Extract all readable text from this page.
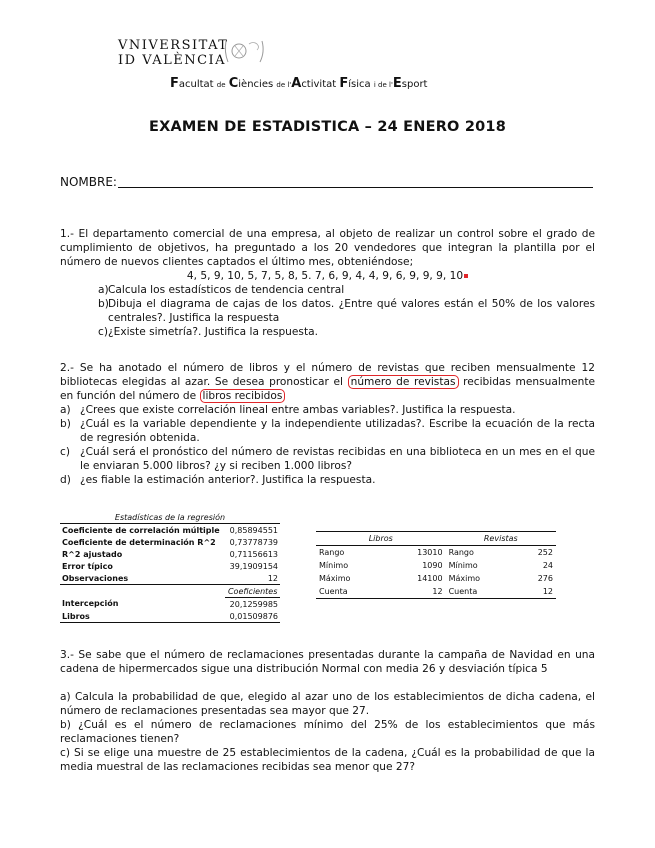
VNIVERSITAT
ID VALÈNCIA
Facultat de Ciències de l'Activitat Física i de l'Esport
EXAMEN DE ESTADISTICA – 24 ENERO 2018
NOMBRE:
1.- El departamento comercial de una empresa, al objeto de realizar un control sobre el grado de cumplimiento de objetivos, ha preguntado a los 20 vendedores que integran la plantilla por el número de nuevos clientes captados el último mes, obteniéndose;
4, 5, 9, 10, 5, 7, 5, 8, 5. 7, 6, 9, 4, 4, 9, 6, 9, 9, 9, 10
a) Calcula los estadísticos de tendencia central
b) Dibuja el diagrama de cajas de los datos. ¿Entre qué valores están el 50% de los valores centrales?. Justifica la respuesta
c) ¿Existe simetría?. Justifica la respuesta.
2.- Se ha anotado el número de libros y el número de revistas que reciben mensualmente 12 bibliotecas elegidas al azar. Se desea pronosticar el número de revistas recibidas mensualmente en función del número de libros recibidos
a) ¿Crees que existe correlación lineal entre ambas variables?. Justifica la respuesta.
b) ¿Cuál es la variable dependiente y la independiente utilizadas?. Escribe la ecuación de la recta de regresión obtenida.
c) ¿Cuál será el pronóstico del número de revistas recibidas en una biblioteca en un mes en el que le enviaran 5.000 libros? ¿y si reciben 1.000 libros?
d) ¿es fiable la estimación anterior?. Justifica la respuesta.
Estadísticas de la regresión	
Coeficiente de correlación múltiple	0,85894551
Coeficiente de determinación R^2	0,73778739
R^2 ajustado	0,71156613
Error típico	39,1909154
Observaciones	12
	Coeficientes
Intercepción	20,1259985
Libros	0,01509876
Libros		Revistas	
Rango	13010	Rango	252
Mínimo	1090	Mínimo	24
Máximo	14100	Máximo	276
Cuenta	12	Cuenta	12
3.- Se sabe que el número de reclamaciones presentadas durante la campaña de Navidad en una cadena de hipermercados sigue una distribución Normal con media 26 y desviación típica 5
a) Calcula la probabilidad de que, elegido al azar uno de los establecimientos de dicha cadena, el número de reclamaciones presentadas sea mayor que 27.
b) ¿Cuál es el número de reclamaciones mínimo del 25% de los establecimientos que más reclamaciones tienen?
c) Si se elige una muestre de 25 establecimientos de la cadena, ¿Cuál es la probabilidad de que la media muestral de las reclamaciones recibidas sea menor que 27?
